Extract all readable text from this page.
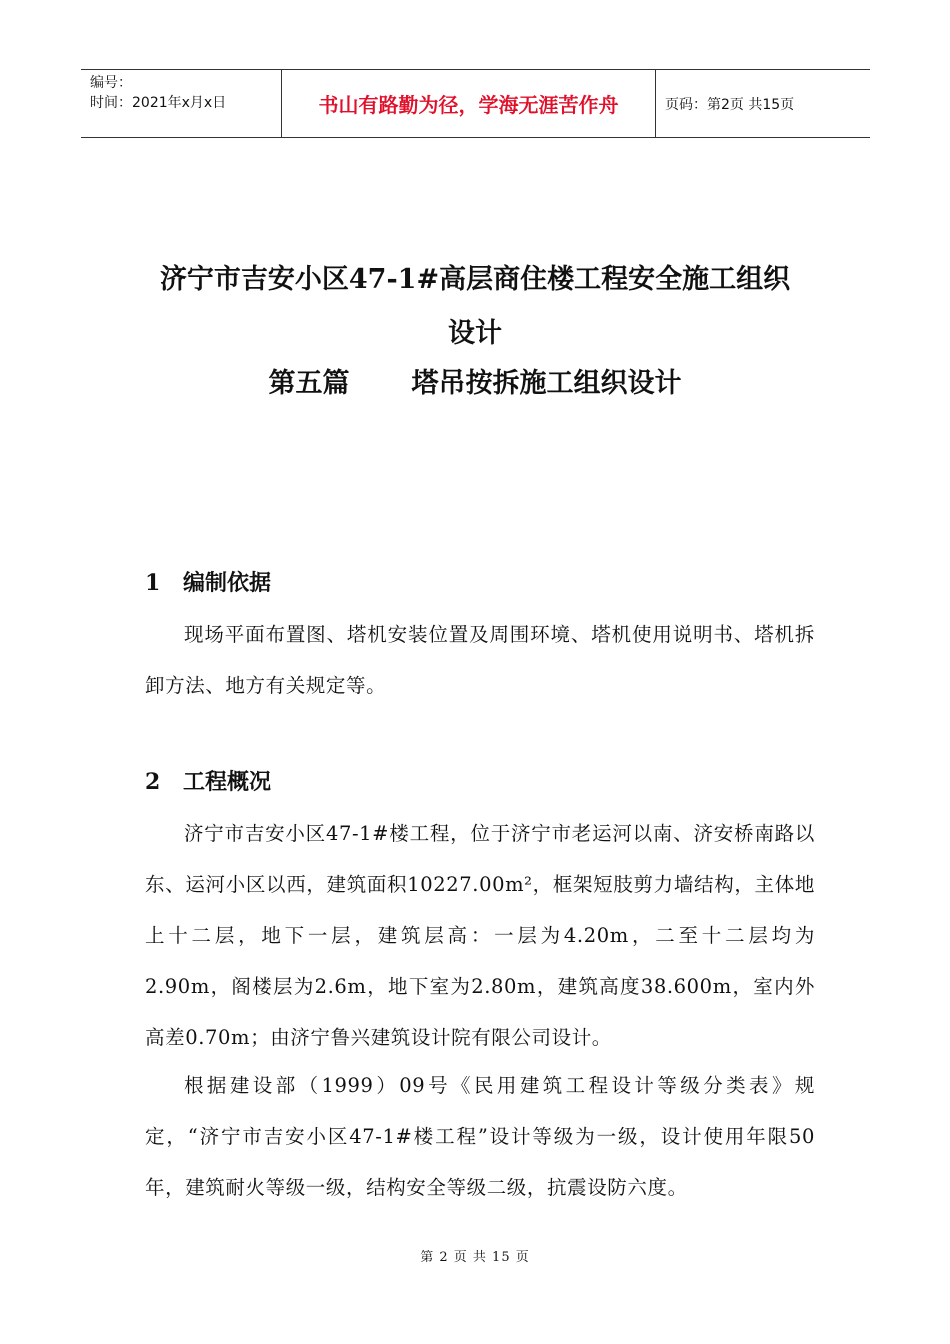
编号：
时间：2021年x月x日	书山有路勤为径，学海无涯苦作舟	页码：第2页 共15页
济宁市吉安小区47-1#高层商住楼工程安全施工组织
设计
第五篇 塔吊按拆施工组织设计
1 编制依据
现场平面布置图、塔机安装位置及周围环境、塔机使用说明书、塔机拆卸方法、地方有关规定等。
2 工程概况
济宁市吉安小区47-1#楼工程，位于济宁市老运河以南、济安桥南路以东、运河小区以西，建筑面积10227.00m²，框架短肢剪力墙结构，主体地上十二层，地下一层，建筑层高：一层为4.20m，二至十二层均为2.90m，阁楼层为2.6m，地下室为2.80m，建筑高度38.600m，室内外高差0.70m；由济宁鲁兴建筑设计院有限公司设计。
根据建设部（1999）09号《民用建筑工程设计等级分类表》规定，“济宁市吉安小区47-1#楼工程”设计等级为一级，设计使用年限50年，建筑耐火等级一级，结构安全等级二级，抗震设防六度。
第 2 页 共 15 页
